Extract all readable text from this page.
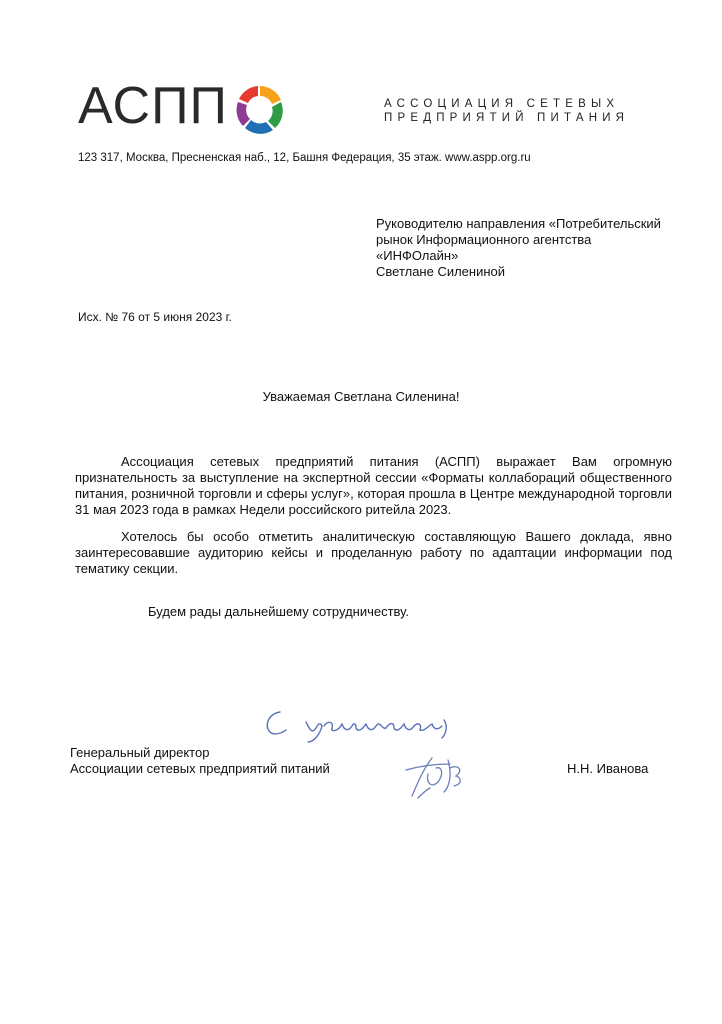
АСПП	АССОЦИАЦИЯ СЕТЕВЫХ
ПРЕДПРИЯТИЙ ПИТАНИЯ
123 317, Москва, Пресненская наб., 12, Башня Федерация, 35 этаж. www.aspp.org.ru
Руководителю направления «Потребительский
рынок Информационного агентства
«ИНФОлайн»
Светлане Силениной
Исх. № 76 от 5 июня 2023 г.
Уважаемая Светлана Силенина!
Ассоциация сетевых предприятий питания (АСПП) выражает Вам огромную признательность за выступление на экспертной сессии «Форматы коллабораций общественного питания, розничной торговли и сферы услуг», которая прошла в Центре международной торговли 31 мая 2023 года в рамках Недели российского ритейла 2023.
Хотелось бы особо отметить аналитическую составляющую Вашего доклада, явно заинтересовавшие аудиторию кейсы и проделанную работу по адаптации информации под тематику секции.
Будем рады дальнейшему сотрудничеству.
Генеральный директор
Ассоциации сетевых предприятий питаний	Н.Н. Иванова
